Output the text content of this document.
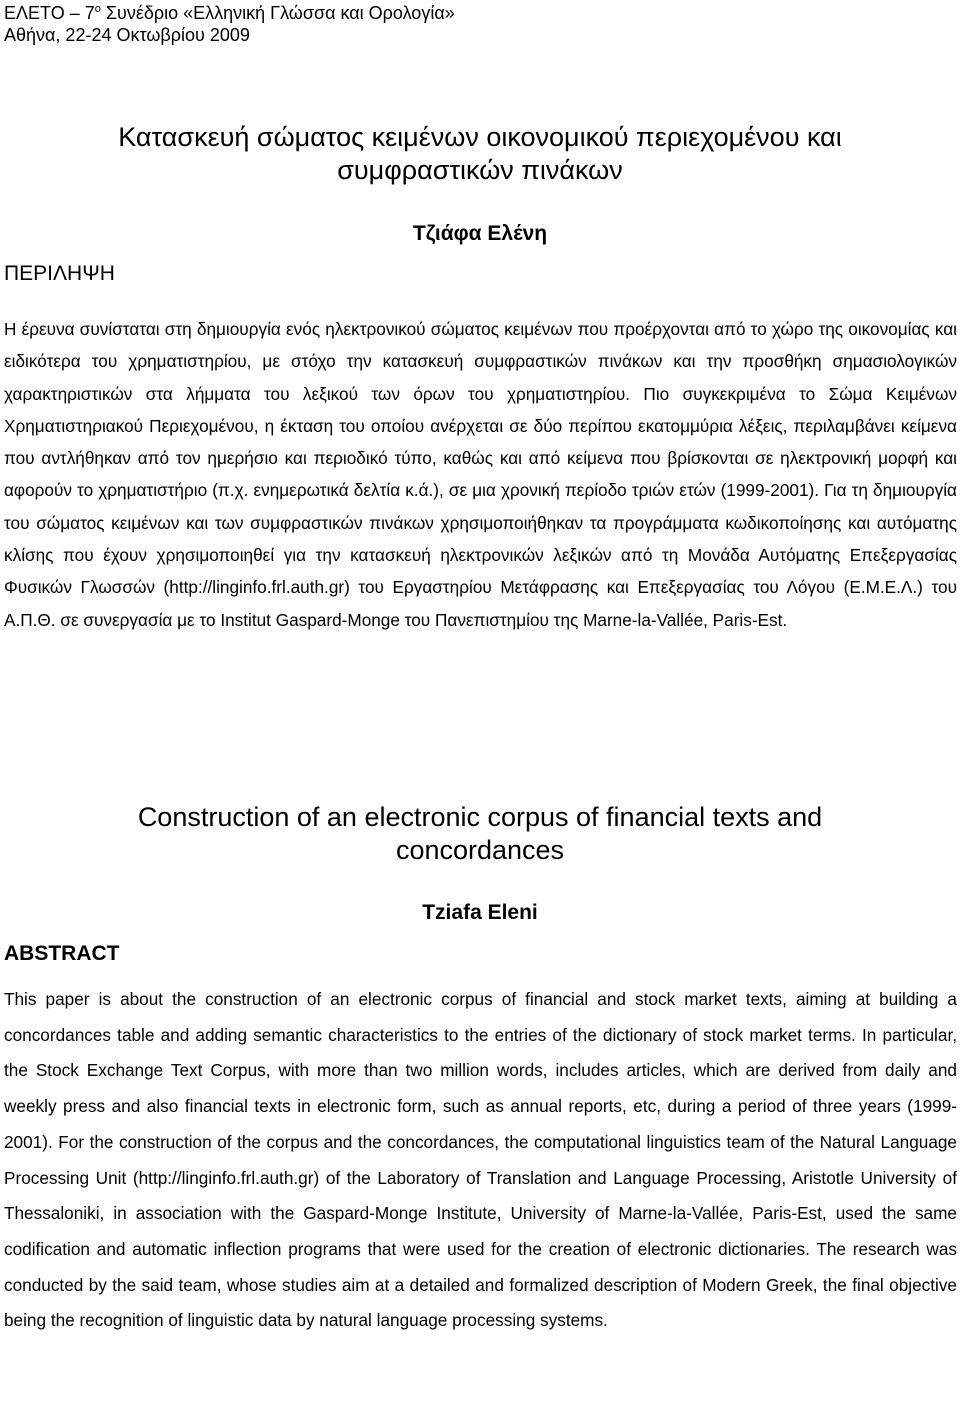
ΕΛΕΤΟ – $7^o$ Συνέδριο «Ελληνική Γλώσσα και Ορολογία»
Αθήνα, 22-24 Οκτωβρίου 2009
Κατασκευή σώματος κειμένων οικονομικού περιεχομένου και
συμφραστικών πινάκων
Τζιάφα Ελένη
ΠΕΡΙΛΗΨΗ

Η έρευνα συνίσταται στη δημιουργία ενός ηλεκτρονικού σώματος κειμένων που προέρχονται από το χώρο της οικονομίας και ειδικότερα του χρηματιστηρίου, με στόχο την κατασκευή συμφραστικών πινάκων και την προσθήκη σημασιολογικών χαρακτηριστικών στα λήμματα του λεξικού των όρων του χρηματιστηρίου. Πιο συγκεκριμένα το Σώμα Κειμένων Χρηματιστηριακού Περιεχομένου, η έκταση του οποίου ανέρχεται σε δύο περίπου εκατομμύρια λέξεις, περιλαμβάνει κείμενα που αντλήθηκαν από τον ημερήσιο και περιοδικό τύπο, καθώς και από κείμενα που βρίσκονται σε ηλεκτρονική μορφή και αφορούν το χρηματιστήριο (π.χ. ενημερωτικά δελτία κ.ά.), σε μια χρονική περίοδο τριών ετών (1999-2001). Για τη δημιουργία του σώματος κειμένων και των συμφραστικών πινάκων χρησιμοποιήθηκαν τα προγράμματα κωδικοποίησης και αυτόματης κλίσης που έχουν χρησιμοποιηθεί για την κατασκευή ηλεκτρονικών λεξικών από τη Μονάδα Αυτόματης Επεξεργασίας Φυσικών Γλωσσών (http://linginfo.frl.auth.gr) του Εργαστηρίου Μετάφρασης και Επεξεργασίας του Λόγου (Ε.Μ.Ε.Λ.) του Α.Π.Θ. σε συνεργασία με το Institut Gaspard-Monge του Πανεπιστημίου της Marne-la-Vallée, Paris-Est.

Construction of an electronic corpus of financial texts and
concordances
Tziafa Eleni
ABSTRACT

This paper is about the construction of an electronic corpus of financial and stock market texts, aiming at building a concordances table and adding semantic characteristics to the entries of the dictionary of stock market terms. In particular, the Stock Exchange Text Corpus, with more than two million words, includes articles, which are derived from daily and weekly press and also financial texts in electronic form, such as annual reports, etc, during a period of three years (1999-2001). For the construction of the corpus and the concordances, the computational linguistics team of the Natural Language Processing Unit (http://linginfo.frl.auth.gr) of the Laboratory of Translation and Language Processing, Aristotle University of Thessaloniki, in association with the Gaspard-Monge Institute, University of Marne-la-Vallée, Paris-Est, used the same codification and automatic inflection programs that were used for the creation of electronic dictionaries. The research was conducted by the said team, whose studies aim at a detailed and formalized description of Modern Greek, the final objective being the recognition of linguistic data by natural language processing systems.
